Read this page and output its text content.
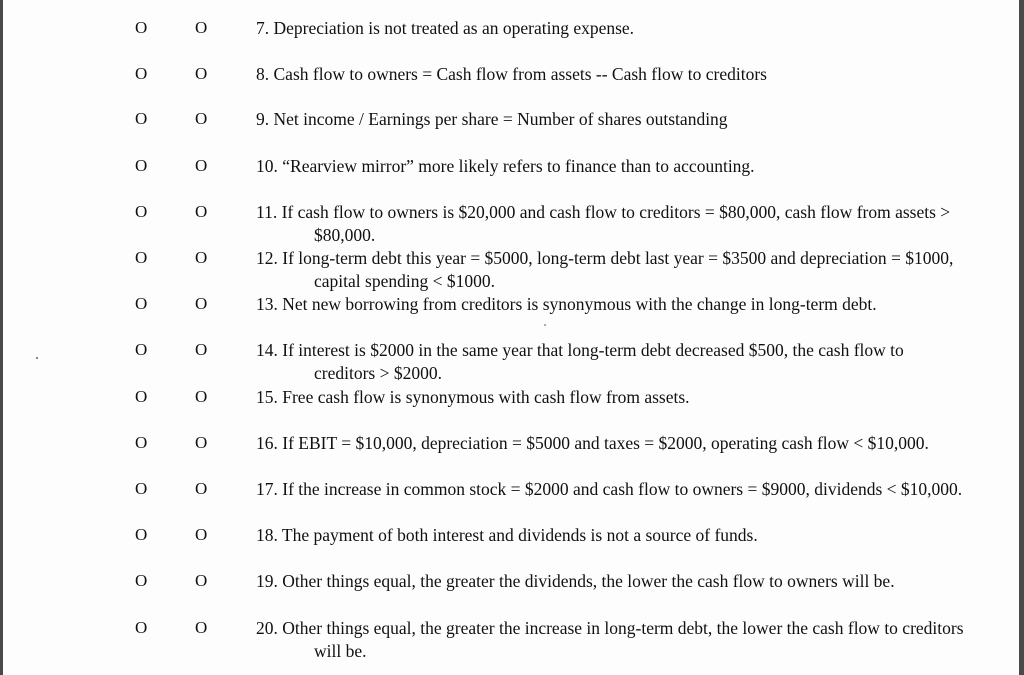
O	O	7. Depreciation is not treated as an operating expense.
O	O	8. Cash flow to owners = Cash flow from assets -- Cash flow to creditors
O	O	9. Net income / Earnings per share = Number of shares outstanding
O	O	10. “Rearview mirror” more likely refers to finance than to accounting.
O	O	11. If cash flow to owners is $20,000 and cash flow to creditors = $80,000, cash flow from assets > $80,000.
O	O	12. If long-term debt this year = $5000, long-term debt last year = $3500 and depreciation = $1000, capital spending < $1000.
O	O	13. Net new borrowing from creditors is synonymous with the change in long-term debt.
O	O	14. If interest is $2000 in the same year that long-term debt decreased $500, the cash flow to creditors > $2000.
O	O	15. Free cash flow is synonymous with cash flow from assets.
O	O	16. If EBIT = $10,000, depreciation = $5000 and taxes = $2000, operating cash flow < $10,000.
O	O	17. If the increase in common stock = $2000 and cash flow to owners = $9000, dividends < $10,000.
O	O	18. The payment of both interest and dividends is not a source of funds.
O	O	19. Other things equal, the greater the dividends, the lower the cash flow to owners will be.
O	O	20. Other things equal, the greater the increase in long-term debt, the lower the cash flow to creditors will be.
